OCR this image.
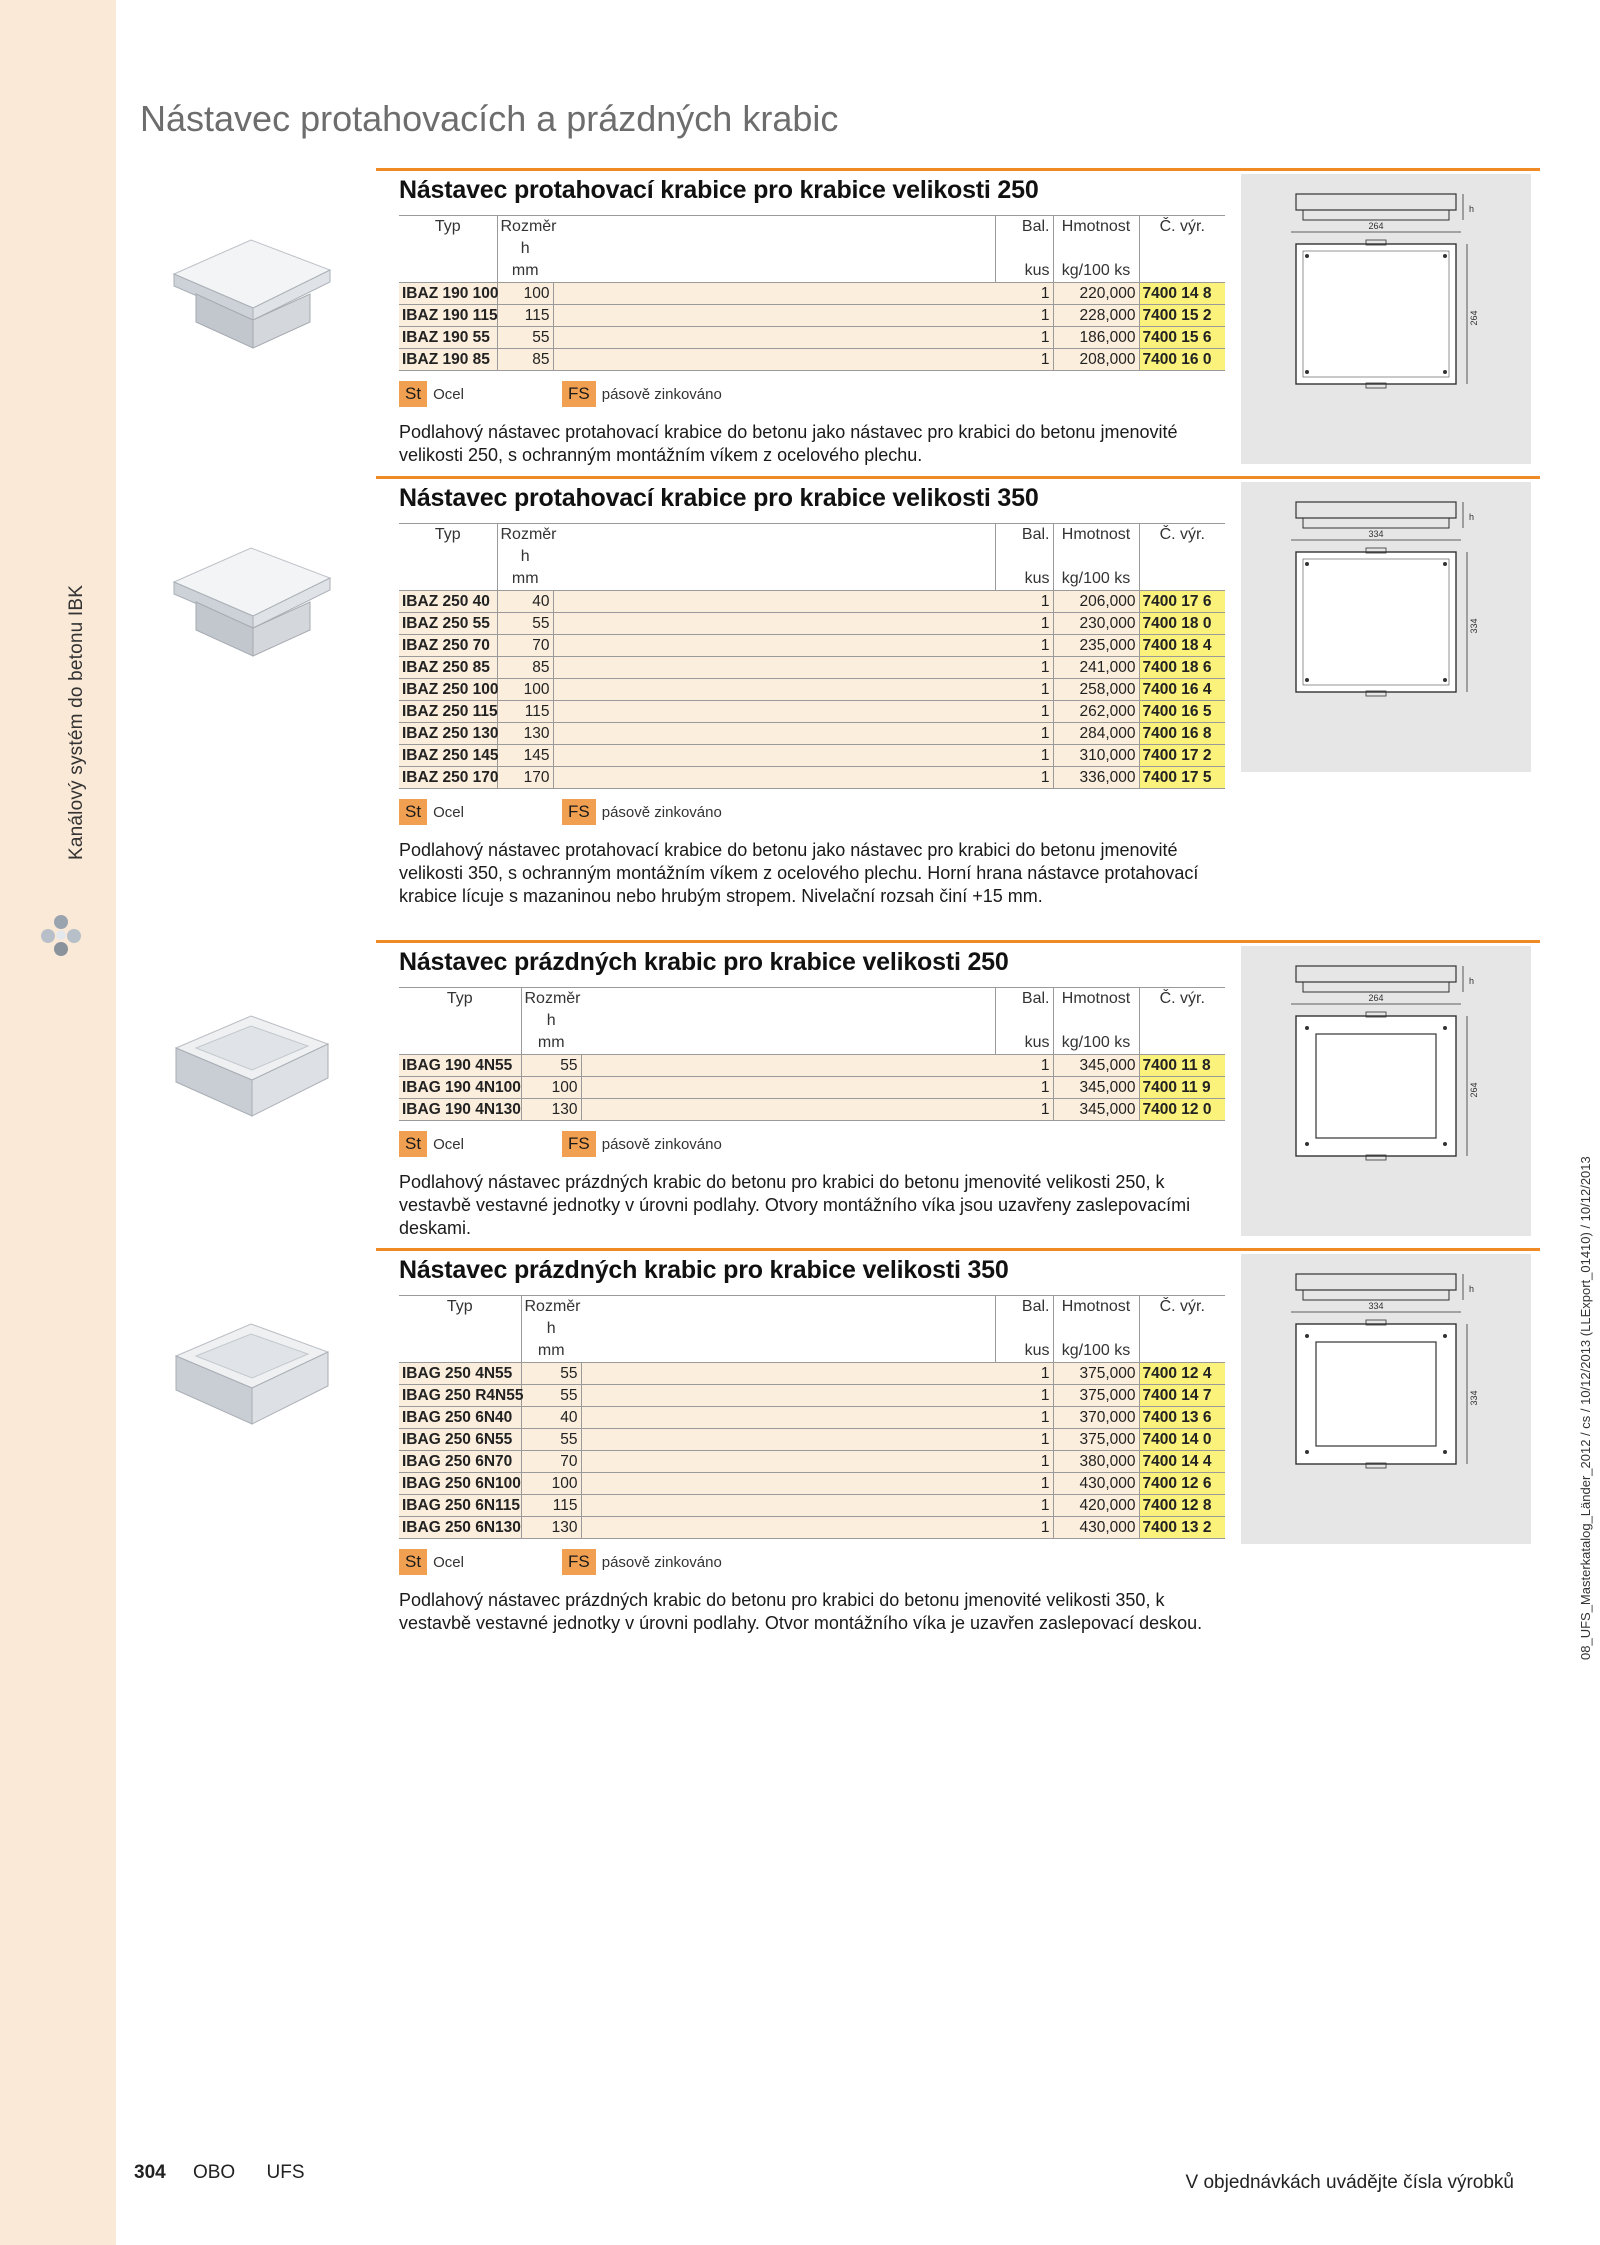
Kanálový systém do betonu IBK
08_UFS_Masterkatalog_Länder_2012 / cs / 10/12/2013 (LLExport_01410) / 10/12/2013
Nástavec protahovacích a prázdných krabic
h
264
264
Nástavec protahovací krabice pro krabice velikosti 250
Typ	Rozměr		Bal.	Hmotnost	Č. výr.
	h				
	mm		kus	kg/100 ks	
IBAZ 190 100	100		1	220,000	7400 14 8
IBAZ 190 115	115		1	228,000	7400 15 2
IBAZ 190 55	55		1	186,000	7400 15 6
IBAZ 190 85	85		1	208,000	7400 16 0
St Ocel	FS pásově zinkováno

Podlahový nástavec protahovací krabice do betonu jako nástavec pro krabici do betonu jmenovité velikosti 250, s ochranným montážním víkem z ocelového plechu.

h
334
334
Nástavec protahovací krabice pro krabice velikosti 350
Typ	Rozměr		Bal.	Hmotnost	Č. výr.
	h				
	mm		kus	kg/100 ks	
IBAZ 250 40	40		1	206,000	7400 17 6
IBAZ 250 55	55		1	230,000	7400 18 0
IBAZ 250 70	70		1	235,000	7400 18 4
IBAZ 250 85	85		1	241,000	7400 18 6
IBAZ 250 100	100		1	258,000	7400 16 4
IBAZ 250 115	115		1	262,000	7400 16 5
IBAZ 250 130	130		1	284,000	7400 16 8
IBAZ 250 145	145		1	310,000	7400 17 2
IBAZ 250 170	170		1	336,000	7400 17 5
St Ocel	FS pásově zinkováno

Podlahový nástavec protahovací krabice do betonu jako nástavec pro krabici do betonu jmenovité velikosti 350, s ochranným montážním víkem z ocelového plechu. Horní hrana nástavce protahovací krabice lícuje s mazaninou nebo hrubým stropem. Nivelační rozsah činí +15 mm.

h
264
264
Nástavec prázdných krabic pro krabice velikosti 250
Typ	Rozměr		Bal.	Hmotnost	Č. výr.
	h				
	mm		kus	kg/100 ks	
IBAG 190 4N55	55		1	345,000	7400 11 8
IBAG 190 4N100	100		1	345,000	7400 11 9
IBAG 190 4N130	130		1	345,000	7400 12 0
St Ocel	FS pásově zinkováno

Podlahový nástavec prázdných krabic do betonu pro krabici do betonu jmenovité velikosti 250, k vestavbě vestavné jednotky v úrovni podlahy. Otvory montážního víka jsou uzavřeny zaslepovacími deskami.

h
334
334
Nástavec prázdných krabic pro krabice velikosti 350
Typ	Rozměr		Bal.	Hmotnost	Č. výr.
	h				
	mm		kus	kg/100 ks	
IBAG 250 4N55	55		1	375,000	7400 12 4
IBAG 250 R4N55	55		1	375,000	7400 14 7
IBAG 250 6N40	40		1	370,000	7400 13 6
IBAG 250 6N55	55		1	375,000	7400 14 0
IBAG 250 6N70	70		1	380,000	7400 14 4
IBAG 250 6N100	100		1	430,000	7400 12 6
IBAG 250 6N115	115		1	420,000	7400 12 8
IBAG 250 6N130	130		1	430,000	7400 13 2
St Ocel	FS pásově zinkováno

Podlahový nástavec prázdných krabic do betonu pro krabici do betonu jmenovité velikosti 350, k vestavbě vestavné jednotky v úrovni podlahy. Otvor montážního víka je uzavřen zaslepovací deskou.

304 OBO UFS	V objednávkách uvádějte čísla výrobků
